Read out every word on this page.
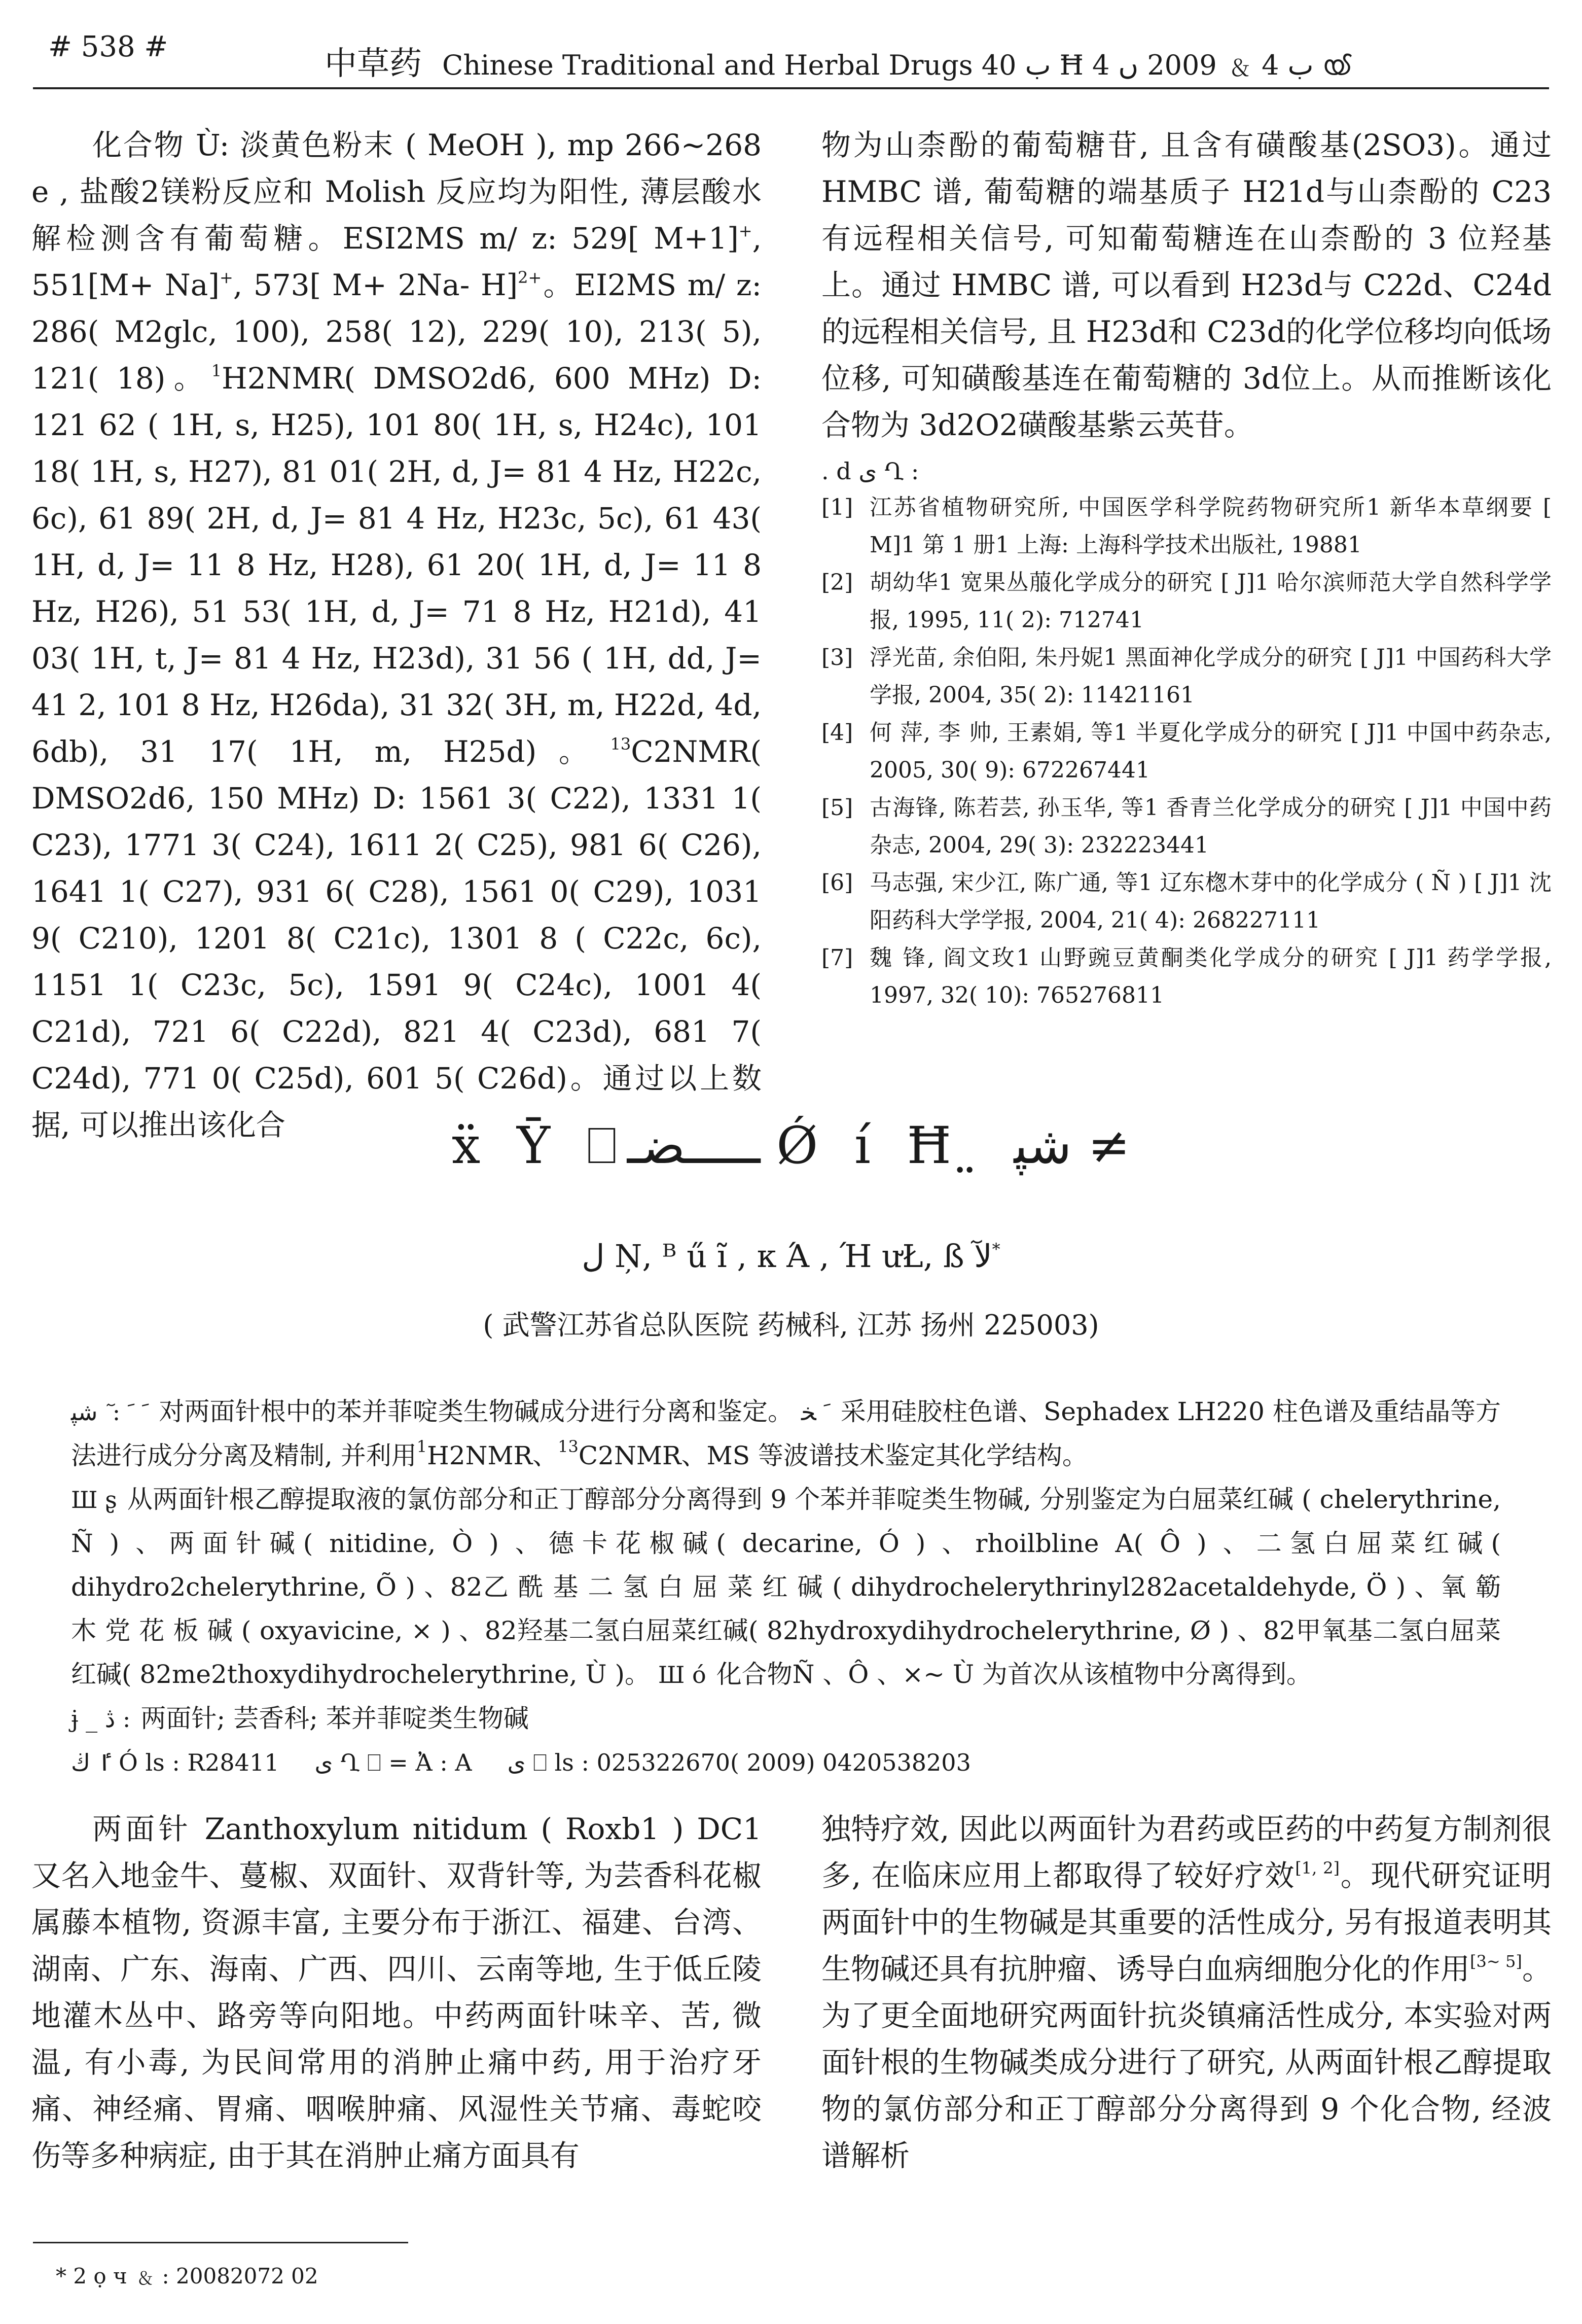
# 538 #	中草药 Chinese Traditional and Herbal Drugs ب 40 Ħ ب 4 ﹠ 2009 ں 4 ൕ

化合物 Ù: 淡黄色粉末 ( MeOH ), mp 266~268 e , 盐酸2镁粉反应和 Molish 反应均为阳性, 薄层酸水解检测含有葡萄糖。ESI2MS m/ z: 529[ M+1]+, 551[M+ Na]+, 573[ M+ 2Na- H]$^{2+}$。EI2MS m/ z: 286( M2glc, 100), 258( 12), 229( 10), 213( 5), 121( 18)。$^1$H2NMR( DMSO2d6, 600 MHz) D: 121 62 ( 1H, s, H25), 101 80( 1H, s, H24c), 101 18( 1H, s, H27), 81 01( 2H, d, J= 81 4 Hz, H22c, 6c), 61 89( 2H, d, J= 81 4 Hz, H23c, 5c), 61 43( 1H, d, J= 11 8 Hz, H28), 61 20( 1H, d, J= 11 8 Hz, H26), 51 53( 1H, d, J= 71 8 Hz, H21d), 41 03( 1H, t, J= 81 4 Hz, H23d), 31 56 ( 1H, dd, J= 41 2, 101 8 Hz, H26da), 31 32( 3H, m, H22d, 4d, 6db), 31 17( 1H, m, H25d)。$^{13}$C2NMR( DMSO2d6, 150 MHz) D: 1561 3( C22), 1331 1( C23), 1771 3( C24), 1611 2( C25), 981 6( C26), 1641 1( C27), 931 6( C28), 1561 0( C29), 1031 9( C210), 1201 8( C21c), 1301 8 ( C22c, 6c), 1151 1( C23c, 5c), 1591 9( C24c), 1001 4( C21d), 721 6( C22d), 821 4( C23d), 681 7( C24d), 771 0( C25d), 601 5( C26d)。通过以上数据, 可以推出该化合

物为山柰酚的葡萄糖苷, 且含有磺酸基(2SO3)。通过 HMBC 谱, 葡萄糖的端基质子 H21d与山柰酚的 C23 有远程相关信号, 可知葡萄糖连在山柰酚的 3 位羟基上。通过 HMBC 谱, 可以看到 H23d与 C22d、C24d的远程相关信号, 且 H23d和 C23d的化学位移均向低场位移, 可知磺酸基连在葡萄糖的 3d位上。从而推断该化合物为 3d2O2磺酸基紫云英苷。

. d ى Ղ :
[1] 江苏省植物研究所, 中国医学科学院药物研究所1 新华本草纲要 [ M]1 第 1 册1 上海: 上海科学技术出版社, 19881
[2] 胡幼华1 宽果丛菔化学成分的研究 [ J]1 哈尔滨师范大学自然科学学报, 1995, 11( 2): 712741
[3] 浮光苗, 余伯阳, 朱丹妮1 黑面神化学成分的研究 [ J]1 中国药科大学学报, 2004, 35( 2): 11421161
[4] 何 萍, 李 帅, 王素娟, 等1 半夏化学成分的研究 [ J]1 中国中药杂志, 2005, 30( 9): 672267441
[5] 古海锋, 陈若芸, 孙玉华, 等1 香青兰化学成分的研究 [ J]1 中国中药杂志, 2004, 29( 3): 232223441
[6] 马志强, 宋少江, 陈广通, 等1 辽东楤木芽中的化学成分 ( Ñ ) [ J]1 沈阳药科大学学报, 2004, 21( 4): 268227111
[7] 魏 锋, 阎文玫1 山野豌豆黄酮类化学成分的研究 [ J]1 药学学报, 1997, 32( 10): 765276811
ẍ Ȳ ⎕ـــــضـ Ǿ í Ħ ̤ ﺷﭙ ≠
ل Ņ, ᴮ ű ĩ , к Ά , Ή ưŁ, ß ﻵ*
( 武警江苏省总队医院 药械科, 江苏 扬州 225003)

ﹶ ﹶ : ٓ ﺷﭙ 对两面针根中的苯并菲啶类生物碱成分进行分离和鉴定。 ﹶ ﺨ 采用硅胶柱色谱、Sephadex LH220 柱色谱及重结晶等方法进行成分分离及精制, 并利用$^1$H2NMR、$^{13}$C2NMR、MS 等波谱技术鉴定其化学结构。

Ш ʂ 从两面针根乙醇提取液的氯仿部分和正丁醇部分分离得到 9 个苯并菲啶类生物碱, 分别鉴定为白屈菜红碱 ( chelerythrine, Ñ ) 、两面针碱( nitidine, Ò ) 、德卡花椒碱( decarine, Ó ) 、rhoilbline A( Ô ) 、二氢白屈菜红碱( dihydro2chelerythrine, Õ ) 、82乙 酰 基 二 氢 白 屈 菜 红 碱 ( dihydrochelerythrinyl282acetaldehyde, Ö ) 、氧 簕 木 党 花 板 碱 ( oxyavicine, × ) 、82羟基二氢白屈菜红碱( 82hydroxydihydrochelerythrine, Ø ) 、82甲氧基二氢白屈菜红碱( 82me2thoxydihydrochelerythrine, Ù )。 Ш ó 化合物Ñ 、Ô 、×~ Ù 为首次从该植物中分离得到。

ɉ _ ﮆ : 两面针; 芸香科; 苯并菲啶类生物碱

ٵ ڬ Ó ls : R28411 ى Ղ ⎕ = Ἀ : A ى ⎕ ls : 025322670( 2009) 0420538203

两面针 Zanthoxylum nitidum ( Roxb1 ) DC1 又名入地金牛、蔓椒、双面针、双背针等, 为芸香科花椒属藤本植物, 资源丰富, 主要分布于浙江、福建、台湾、湖南、广东、海南、广西、四川、云南等地, 生于低丘陵地灌木丛中、路旁等向阳地。中药两面针味辛、苦, 微温, 有小毒, 为民间常用的消肿止痛中药, 用于治疗牙痛、神经痛、胃痛、咽喉肿痛、风湿性关节痛、毒蛇咬伤等多种病症, 由于其在消肿止痛方面具有

独特疗效, 因此以两面针为君药或臣药的中药复方制剂很多, 在临床应用上都取得了较好疗效[1, 2]。现代研究证明两面针中的生物碱是其重要的活性成分, 另有报道表明其生物碱还具有抗肿瘤、诱导白血病细胞分化的作用[3~ 5]。为了更全面地研究两面针抗炎镇痛活性成分, 本实验对两面针根的生物碱类成分进行了研究, 从两面针根乙醇提取物的氯仿部分和正丁醇部分分离得到 9 个化合物, 经波谱解析

* 2 ọ ч ﹠ : 20082072 02
